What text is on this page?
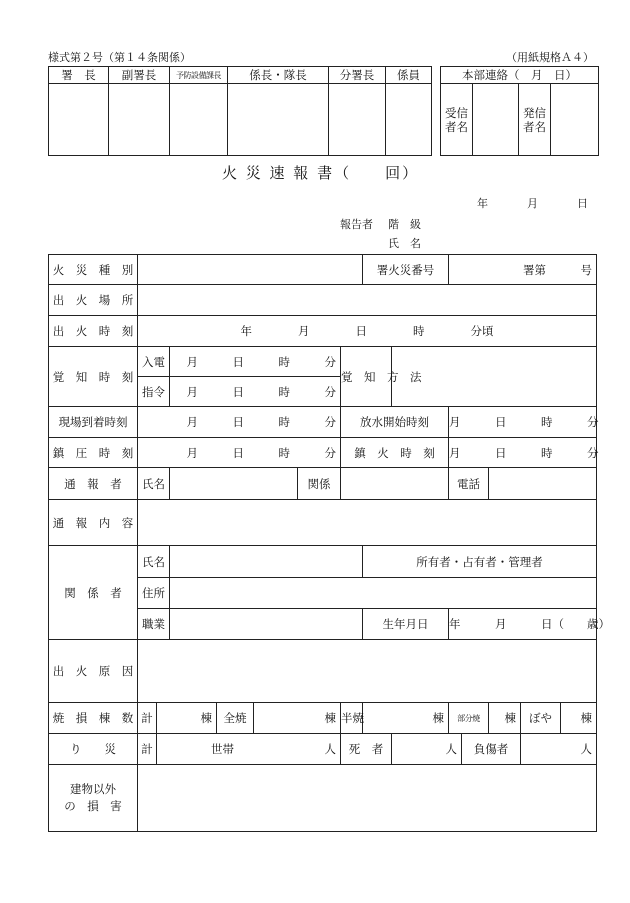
様式第２号（第１４条関係）	（用紙規格Ａ４）
署　長	副署長	予防設備課長	係長・隊長	分署長	係員
						本部連絡（　月　日）
受信者名		発信者名	
火 災 速 報 書（　　回）
年	月	日
報告者 階　級
氏　名
火　災　種　別								署火災番号		署第　　　号				
出　火　場　所														
出　火　時　刻	年　　　　月　　　　日　　　　時　　　　分頃													
覚　知　時　刻	入電		月　　　日　　　時　　　分				覚　知　方　法							
	指令		月　　　日　　　時　　　分											
現場到着時刻	月　　　日　　　時　　　分						放水開始時刻			月　　　日　　　時　　　分				
鎮　圧　時　刻	月　　　日　　　時　　　分						鎮　火　時　刻			月　　　日　　　時　　　分				
通　報　者	氏名					関係				電話				
通　報　内　容														
関　係　者	氏名							所有者・占有者・管理者						
	住所													
	職業							生年月日		年　　　月　　　日（　　歳）				
出　火　原　因														
焼　損　棟　数	計	棟		全焼	棟		半焼	棟		部分焼		棟	ぼや	棟
り　　災	計	世帯 人					死　者		人		負傷者		人	

建物以外
の　損　害														
